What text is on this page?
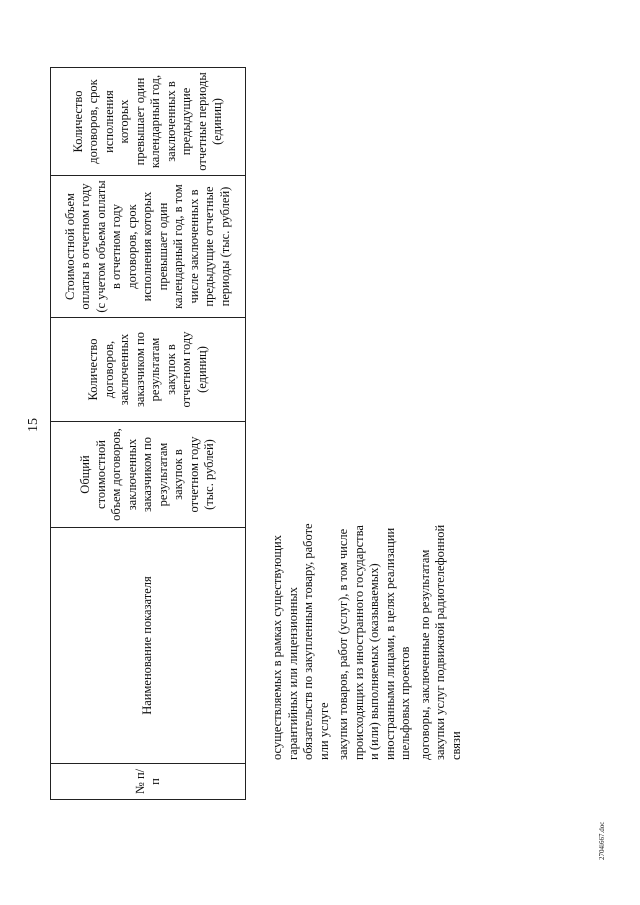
15
№ п/п	Наименование показателя	Общий стоимостной объем договоров, заключенных заказчиком по результатам закупок в отчетном году (тыс. рублей)	Количество договоров, заключенных заказчиком по результатам закупок в отчетном году (единиц)	Стоимостной объем оплаты в отчетном году (с учетом объема оплаты в отчетном году договоров, срок исполнения которых превышает один календарный год, в том числе заключенных в предыдущие отчетные периоды (тыс. рублей)	Количество договоров, срок исполнения которых превышает один календарный год, заключенных в предыдущие отчетные периоды (единиц)

осуществляемых в рамках существующих гарантийных или лицензионных обязательств по закупленным товару, работе или услуге закупки товаров, работ (услуг), в том числе происходящих из иностранного государства и (или) выполняемых (оказываемых) иностранными лицами, в целях реализации шельфовых проектов договоры, заключенные по результатам закупки услуг подвижной радиотелефонной связи

2704i667.doc
